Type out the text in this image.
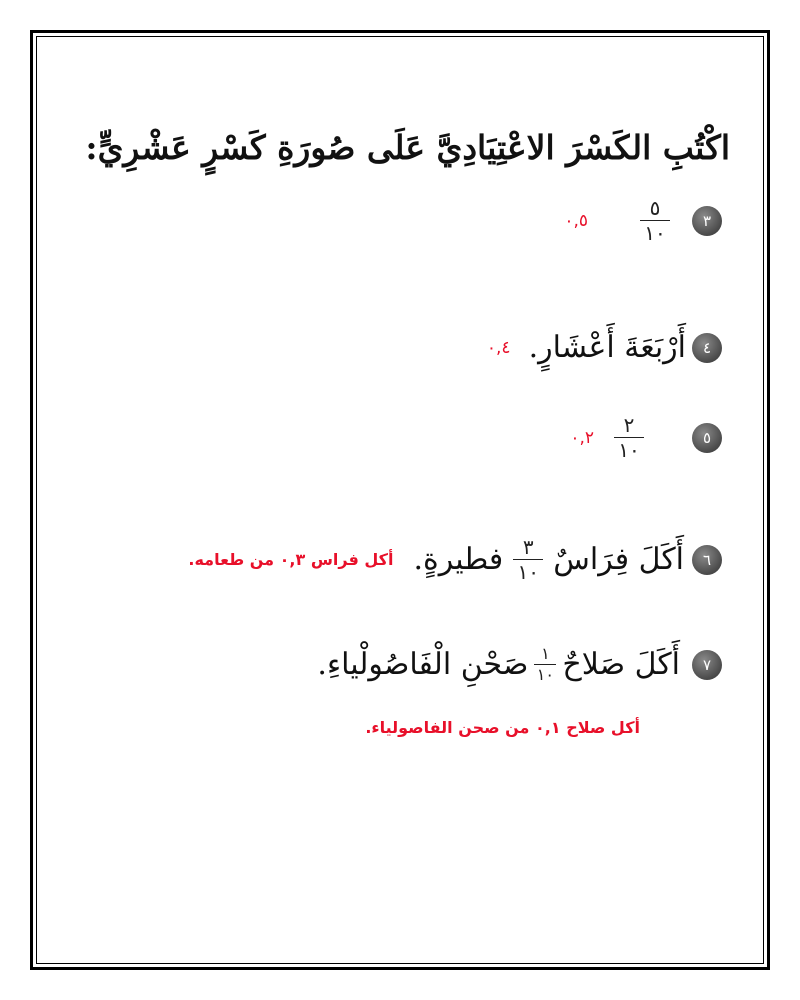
اكْتُبِ الكَسْرَ الاعْتِيَادِيَّ عَلَى صُورَةِ كَسْرٍ عَشْرِيٍّ:
٣
$\frac{٥}{١٠}$
٠,٥
٤
أَرْبَعَةَ أَعْشَارٍ.
٠,٤
٥
$\frac{٢}{١٠}$
٠,٢
٦
أَكَلَ فِرَاسٌ
$\frac{٣}{١٠}$
فطيرةٍ.
أكل فراس ٠,٣ من طعامه.
٧
أَكَلَ صَلاحٌ
$\frac{١}{١٠}$
صَحْنِ الْفَاصُولْياءِ.
أكل صلاح ٠,١ من صحن الفاصولياء.
